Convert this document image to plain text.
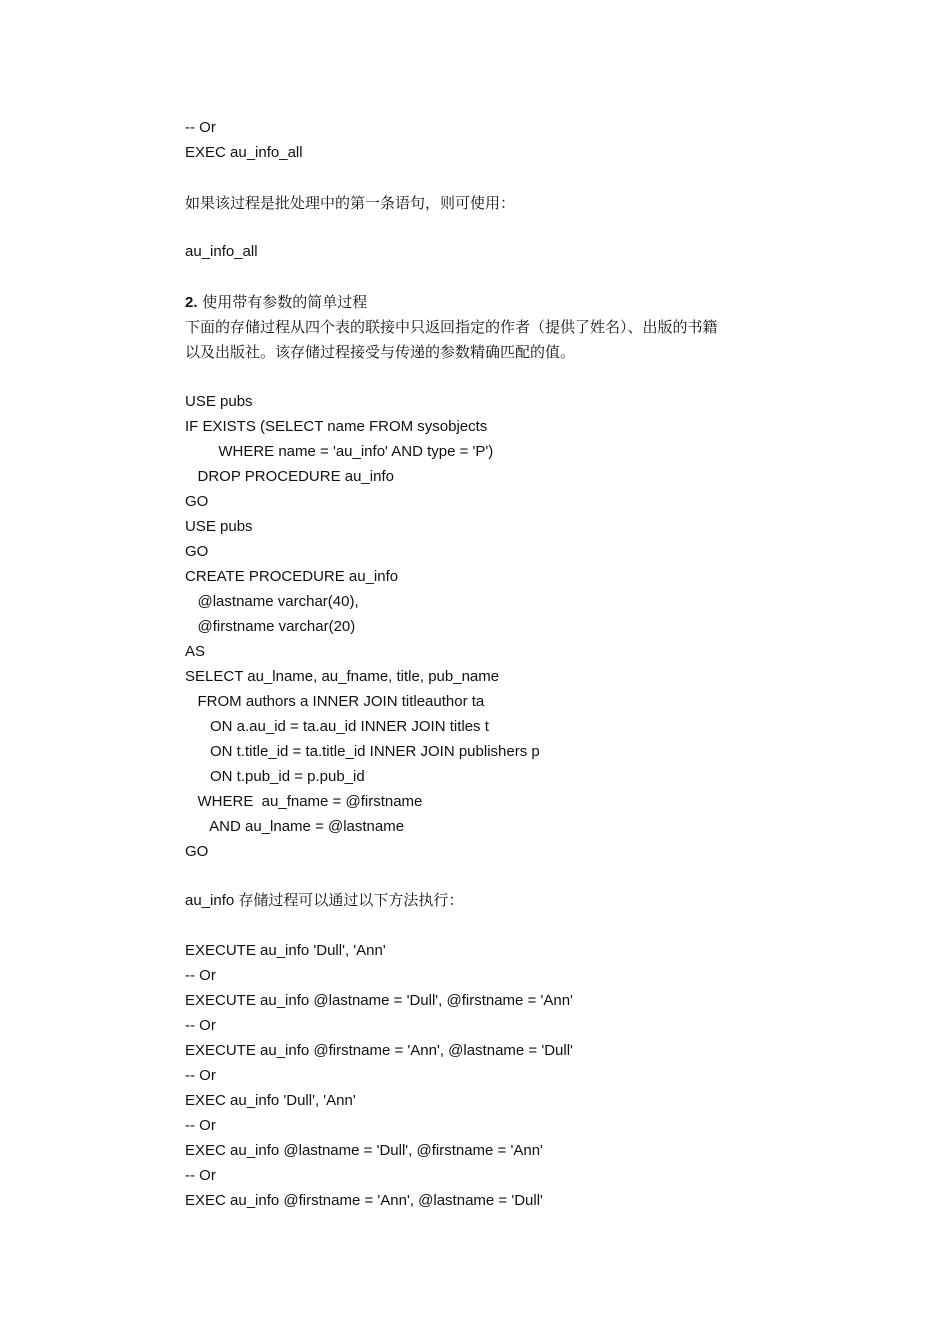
-- Or
EXEC au_info_all
如果该过程是批处理中的第一条语句，则可使用：
au_info_all
2. 使用带有参数的简单过程
下面的存储过程从四个表的联接中只返回指定的作者（提供了姓名）、出版的书籍
以及出版社。该存储过程接受与传递的参数精确匹配的值。
USE pubs
IF EXISTS (SELECT name FROM sysobjects
WHERE name = 'au_info' AND type = 'P')
DROP PROCEDURE au_info
GO
USE pubs
GO
CREATE PROCEDURE au_info
@lastname varchar(40),
@firstname varchar(20)
AS
SELECT au_lname, au_fname, title, pub_name
FROM authors a INNER JOIN titleauthor ta
ON a.au_id = ta.au_id INNER JOIN titles t
ON t.title_id = ta.title_id INNER JOIN publishers p
ON t.pub_id = p.pub_id
WHERE  au_fname = @firstname
AND au_lname = @lastname
GO
au_info 存储过程可以通过以下方法执行：
EXECUTE au_info 'Dull', 'Ann'
-- Or
EXECUTE au_info @lastname = 'Dull', @firstname = 'Ann'
-- Or
EXECUTE au_info @firstname = 'Ann', @lastname = 'Dull'
-- Or
EXEC au_info 'Dull', 'Ann'
-- Or
EXEC au_info @lastname = 'Dull', @firstname = 'Ann'
-- Or
EXEC au_info @firstname = 'Ann', @lastname = 'Dull'
